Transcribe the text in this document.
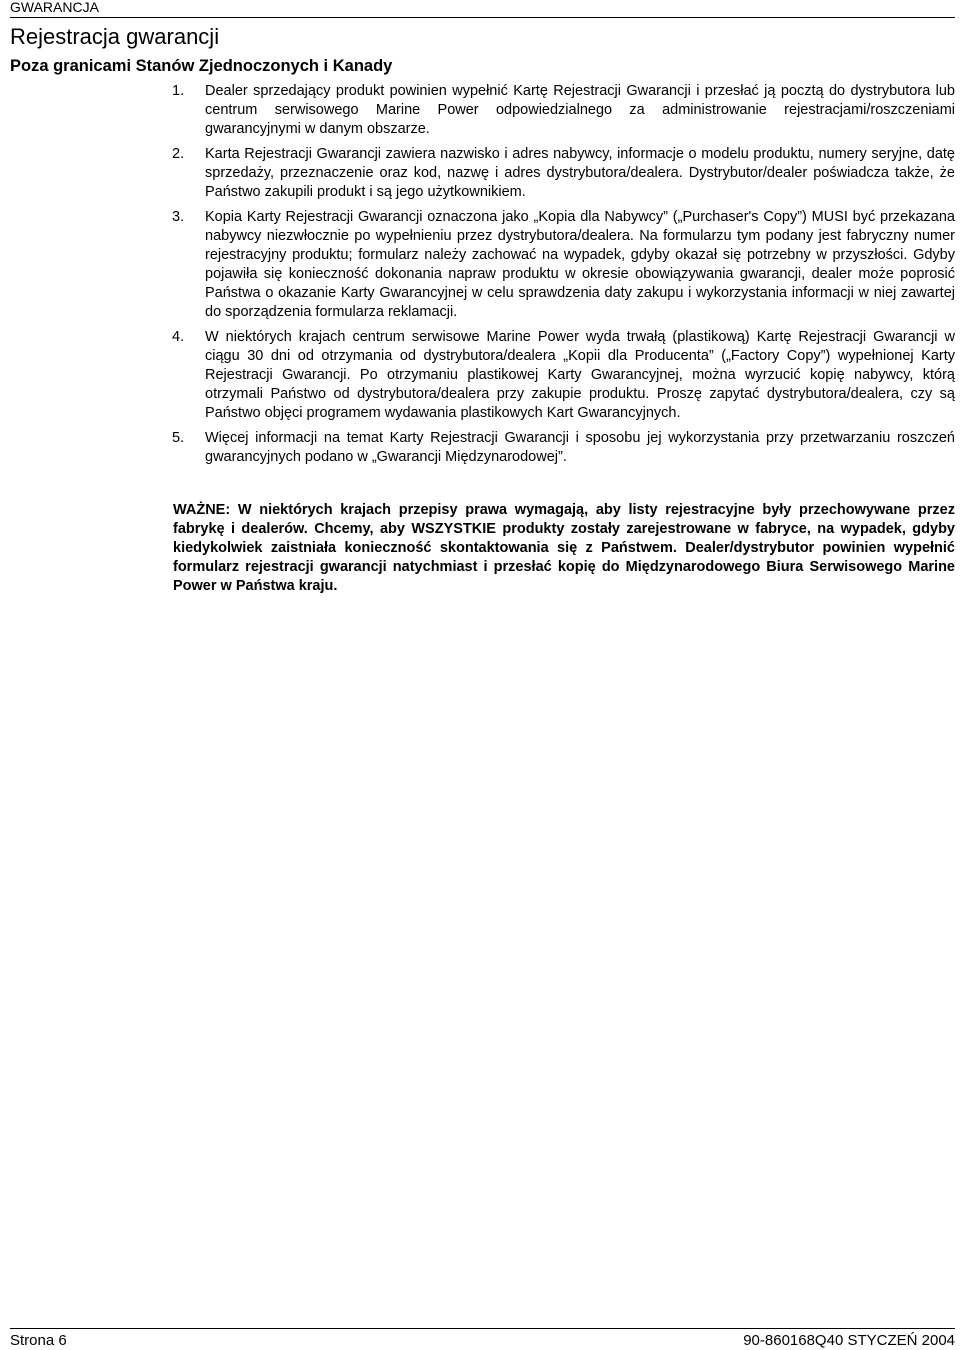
GWARANCJA
Rejestracja gwarancji
Poza granicami Stanów Zjednoczonych i Kanady
1. Dealer sprzedający produkt powinien wypełnić Kartę Rejestracji Gwarancji i przesłać ją pocztą do dystrybutora lub centrum serwisowego Marine Power odpowiedzialnego za administrowanie rejestracjami/roszczeniami gwarancyjnymi w danym obszarze.
2. Karta Rejestracji Gwarancji zawiera nazwisko i adres nabywcy, informacje o modelu produktu, numery seryjne, datę sprzedaży, przeznaczenie oraz kod, nazwę i adres dystrybutora/dealera. Dystrybutor/dealer poświadcza także, że Państwo zakupili produkt i są jego użytkownikiem.
3. Kopia Karty Rejestracji Gwarancji oznaczona jako „Kopia dla Nabywcy” („Purchaser's Copy”) MUSI być przekazana nabywcy niezwłocznie po wypełnieniu przez dystrybutora/dealera. Na formularzu tym podany jest fabryczny numer rejestracyjny produktu; formularz należy zachować na wypadek, gdyby okazał się potrzebny w przyszłości. Gdyby pojawiła się konieczność dokonania napraw produktu w okresie obowiązywania gwarancji, dealer może poprosić Państwa o okazanie Karty Gwarancyjnej w celu sprawdzenia daty zakupu i wykorzystania informacji w niej zawartej do sporządzenia formularza reklamacji.
4. W niektórych krajach centrum serwisowe Marine Power wyda trwałą (plastikową) Kartę Rejestracji Gwarancji w ciągu 30 dni od otrzymania od dystrybutora/dealera „Kopii dla Producenta” („Factory Copy”) wypełnionej Karty Rejestracji Gwarancji. Po otrzymaniu plastikowej Karty Gwarancyjnej, można wyrzucić kopię nabywcy, którą otrzymali Państwo od dystrybutora/dealera przy zakupie produktu. Proszę zapytać dystrybutora/dealera, czy są Państwo objęci programem wydawania plastikowych Kart Gwarancyjnych.
5. Więcej informacji na temat Karty Rejestracji Gwarancji i sposobu jej wykorzystania przy przetwarzaniu roszczeń gwarancyjnych podano w „Gwarancji Międzynarodowej”.

WAŻNE: W niektórych krajach przepisy prawa wymagają, aby listy rejestracyjne były przechowywane przez fabrykę i dealerów. Chcemy, aby WSZYSTKIE produkty zostały zarejestrowane w fabryce, na wypadek, gdyby kiedykolwiek zaistniała konieczność skontaktowania się z Państwem. Dealer/dystrybutor powinien wypełnić formularz rejestracji gwarancji natychmiast i przesłać kopię do Międzynarodowego Biura Serwisowego Marine Power w Państwa kraju.

Strona 6	90-860168Q40 STYCZEŃ 2004
